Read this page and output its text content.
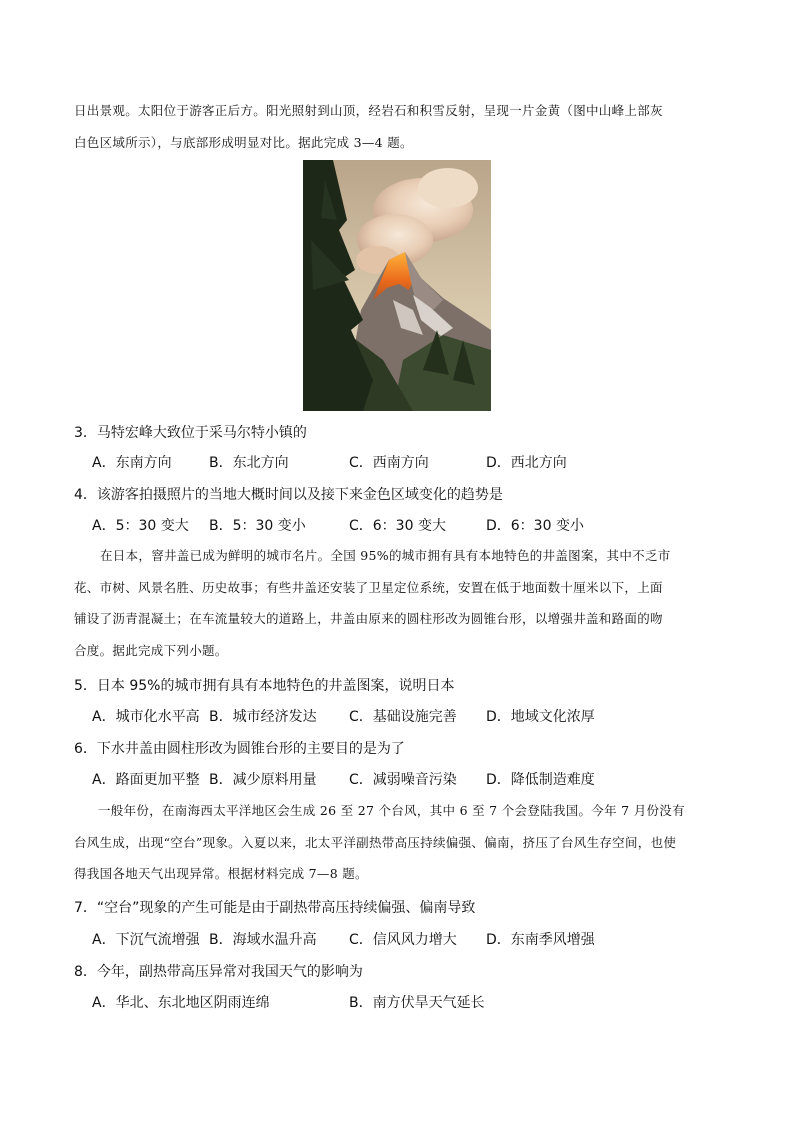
日出景观。太阳位于游客正后方。阳光照射到山顶，经岩石和积雪反射，呈现一片金黄（图中山峰上部灰
白色区域所示），与底部形成明显对比。据此完成 3—4 题。
3．马特宏峰大致位于采马尔特小镇的
A．东南方向	B．东北方向	C．西南方向	D．西北方向
4．该游客拍摄照片的当地大概时间以及接下来金色区域变化的趋势是
A．5：30 变大 B．5：30 变小	C．6：30 变大	D．6：30 变小
在日本，窨井盖已成为鲜明的城市名片。全国 95%的城市拥有具有本地特色的井盖图案，其中不乏市
花、市树、风景名胜、历史故事；有些井盖还安装了卫星定位系统，安置在低于地面数十厘米以下，上面
铺设了沥青混凝土；在车流量较大的道路上，井盖由原来的圆柱形改为圆锥台形，以增强井盖和路面的吻
合度。据此完成下列小题。
5．日本 95%的城市拥有具有本地特色的井盖图案，说明日本
A．城市化水平高 B．城市经济发达 C．基础设施完善 D．地域文化浓厚
6．下水井盖由圆柱形改为圆锥台形的主要目的是为了
A．路面更加平整 B．减少原料用量 C．减弱噪音污染 D．降低制造难度
一般年份，在南海西太平洋地区会生成 26 至 27 个台风，其中 6 至 7 个会登陆我国。今年 7 月份没有
台风生成，出现“空台”现象。入夏以来，北太平洋副热带高压持续偏强、偏南，挤压了台风生存空间，也使
得我国各地天气出现异常。根据材料完成 7—8 题。
7．“空台”现象的产生可能是由于副热带高压持续偏强、偏南导致
A．下沉气流增强 B．海域水温升高 C．信风风力增大 D．东南季风增强
8．今年，副热带高压异常对我国天气的影响为
A．华北、东北地区阴雨连绵	B．南方伏旱天气延长
